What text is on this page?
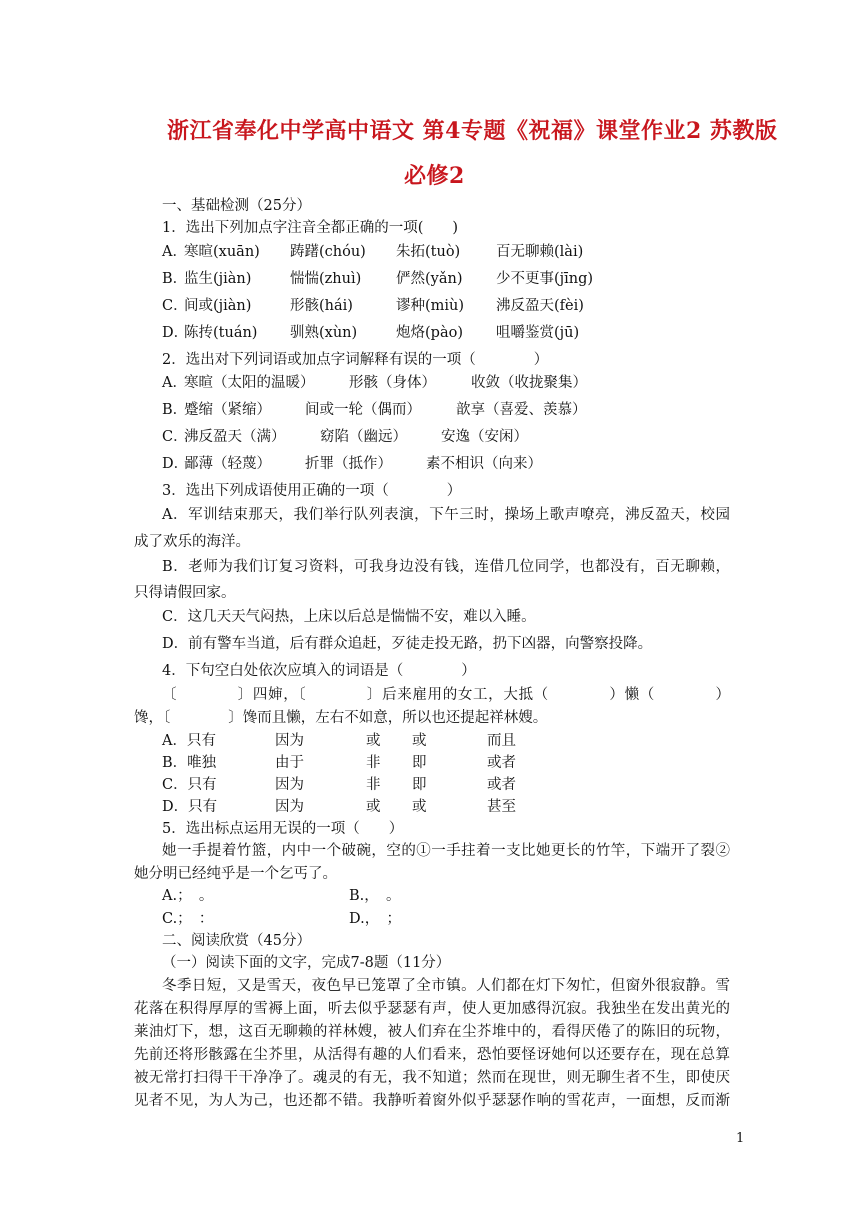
浙江省奉化中学高中语文 第4专题《祝福》课堂作业2 苏教版
必修2
一、基础检测（25分）
1．选出下列加点字注音全都正确的一项(　　)
A．
寒暄(xuān) 踌躇(chóu) 朱拓(tuò) 百无聊赖(lài)
B．
监生(jiàn)	惴惴(zhuì) 俨然(yǎn) 少不更事(jīng)
C．
间或(jiàn)	形骸(hái)	谬种(miù) 沸反盈天(fèi)
D．
陈抟(tuán) 驯熟(xùn)	炮烙(pào) 咀嚼鉴赏(jū)
2．选出对下列词语或加点字词解释有误的一项（　　　　）
A．
寒暄（太阳的温暖） 形骸（身体） 收敛（收拢聚集）
B．
蹙缩（紧缩） 间或一轮（偶而） 歆享（喜爱、羡慕）
C．
沸反盈天（满） 窈陷（幽远） 安逸（安闲）
D．
鄙薄（轻蔑） 折罪（抵作） 素不相识（向来）
3．选出下列成语使用正确的一项（　　　　）
A．军训结束那天，我们举行队列表演，下午三时，操场上歌声嘹亮，沸反盈天，校园
成了欢乐的海洋。
B．老师为我们订复习资料，可我身边没有钱，连借几位同学，也都没有，百无聊赖，
只得请假回家。
C．这几天天气闷热，上床以后总是惴惴不安，难以入睡。
D．前有警车当道，后有群众追赶，歹徒走投无路，扔下凶器，向警察投降。
4．下句空白处依次应填入的词语是（　　　　）
〔　　　　〕四婶，〔　　　　〕后来雇用的女工，大抵（　　　　）懒（　　　　）
馋，〔　　　　〕馋而且懒，左右不如意，所以也还提起祥林嫂。
A．只有	因为	或 或	而且
B．唯独	由于	非 即	或者
C．只有	因为	非 即	或者
D．只有	因为	或 或	甚至
5．选出标点运用无误的一项（　　）
她一手提着竹篮，内中一个破碗，空的①一手拄着一支比她更长的竹竿，下端开了裂②
她分明已经纯乎是一个乞丐了。
A.；　。	B.，　。
C.；　：	D.，　；
二、阅读欣赏（45分）
（一）阅读下面的文字，完成7-8题（11分）
冬季日短，又是雪天，夜色早已笼罩了全市镇。人们都在灯下匆忙，但窗外很寂静。雪
花落在积得厚厚的雪褥上面，听去似乎瑟瑟有声，使人更加感得沉寂。我独坐在发出黄光的
莱油灯下，想，这百无聊赖的祥林嫂，被人们弃在尘芥堆中的，看得厌倦了的陈旧的玩物，
先前还将形骸露在尘芥里，从活得有趣的人们看来，恐怕要怪讶她何以还要存在，现在总算
被无常打扫得干干净净了。魂灵的有无，我不知道；然而在现世，则无聊生者不生，即使厌
见者不见，为人为己，也还都不错。我静听着窗外似乎瑟瑟作响的雪花声，一面想，反而渐
1
